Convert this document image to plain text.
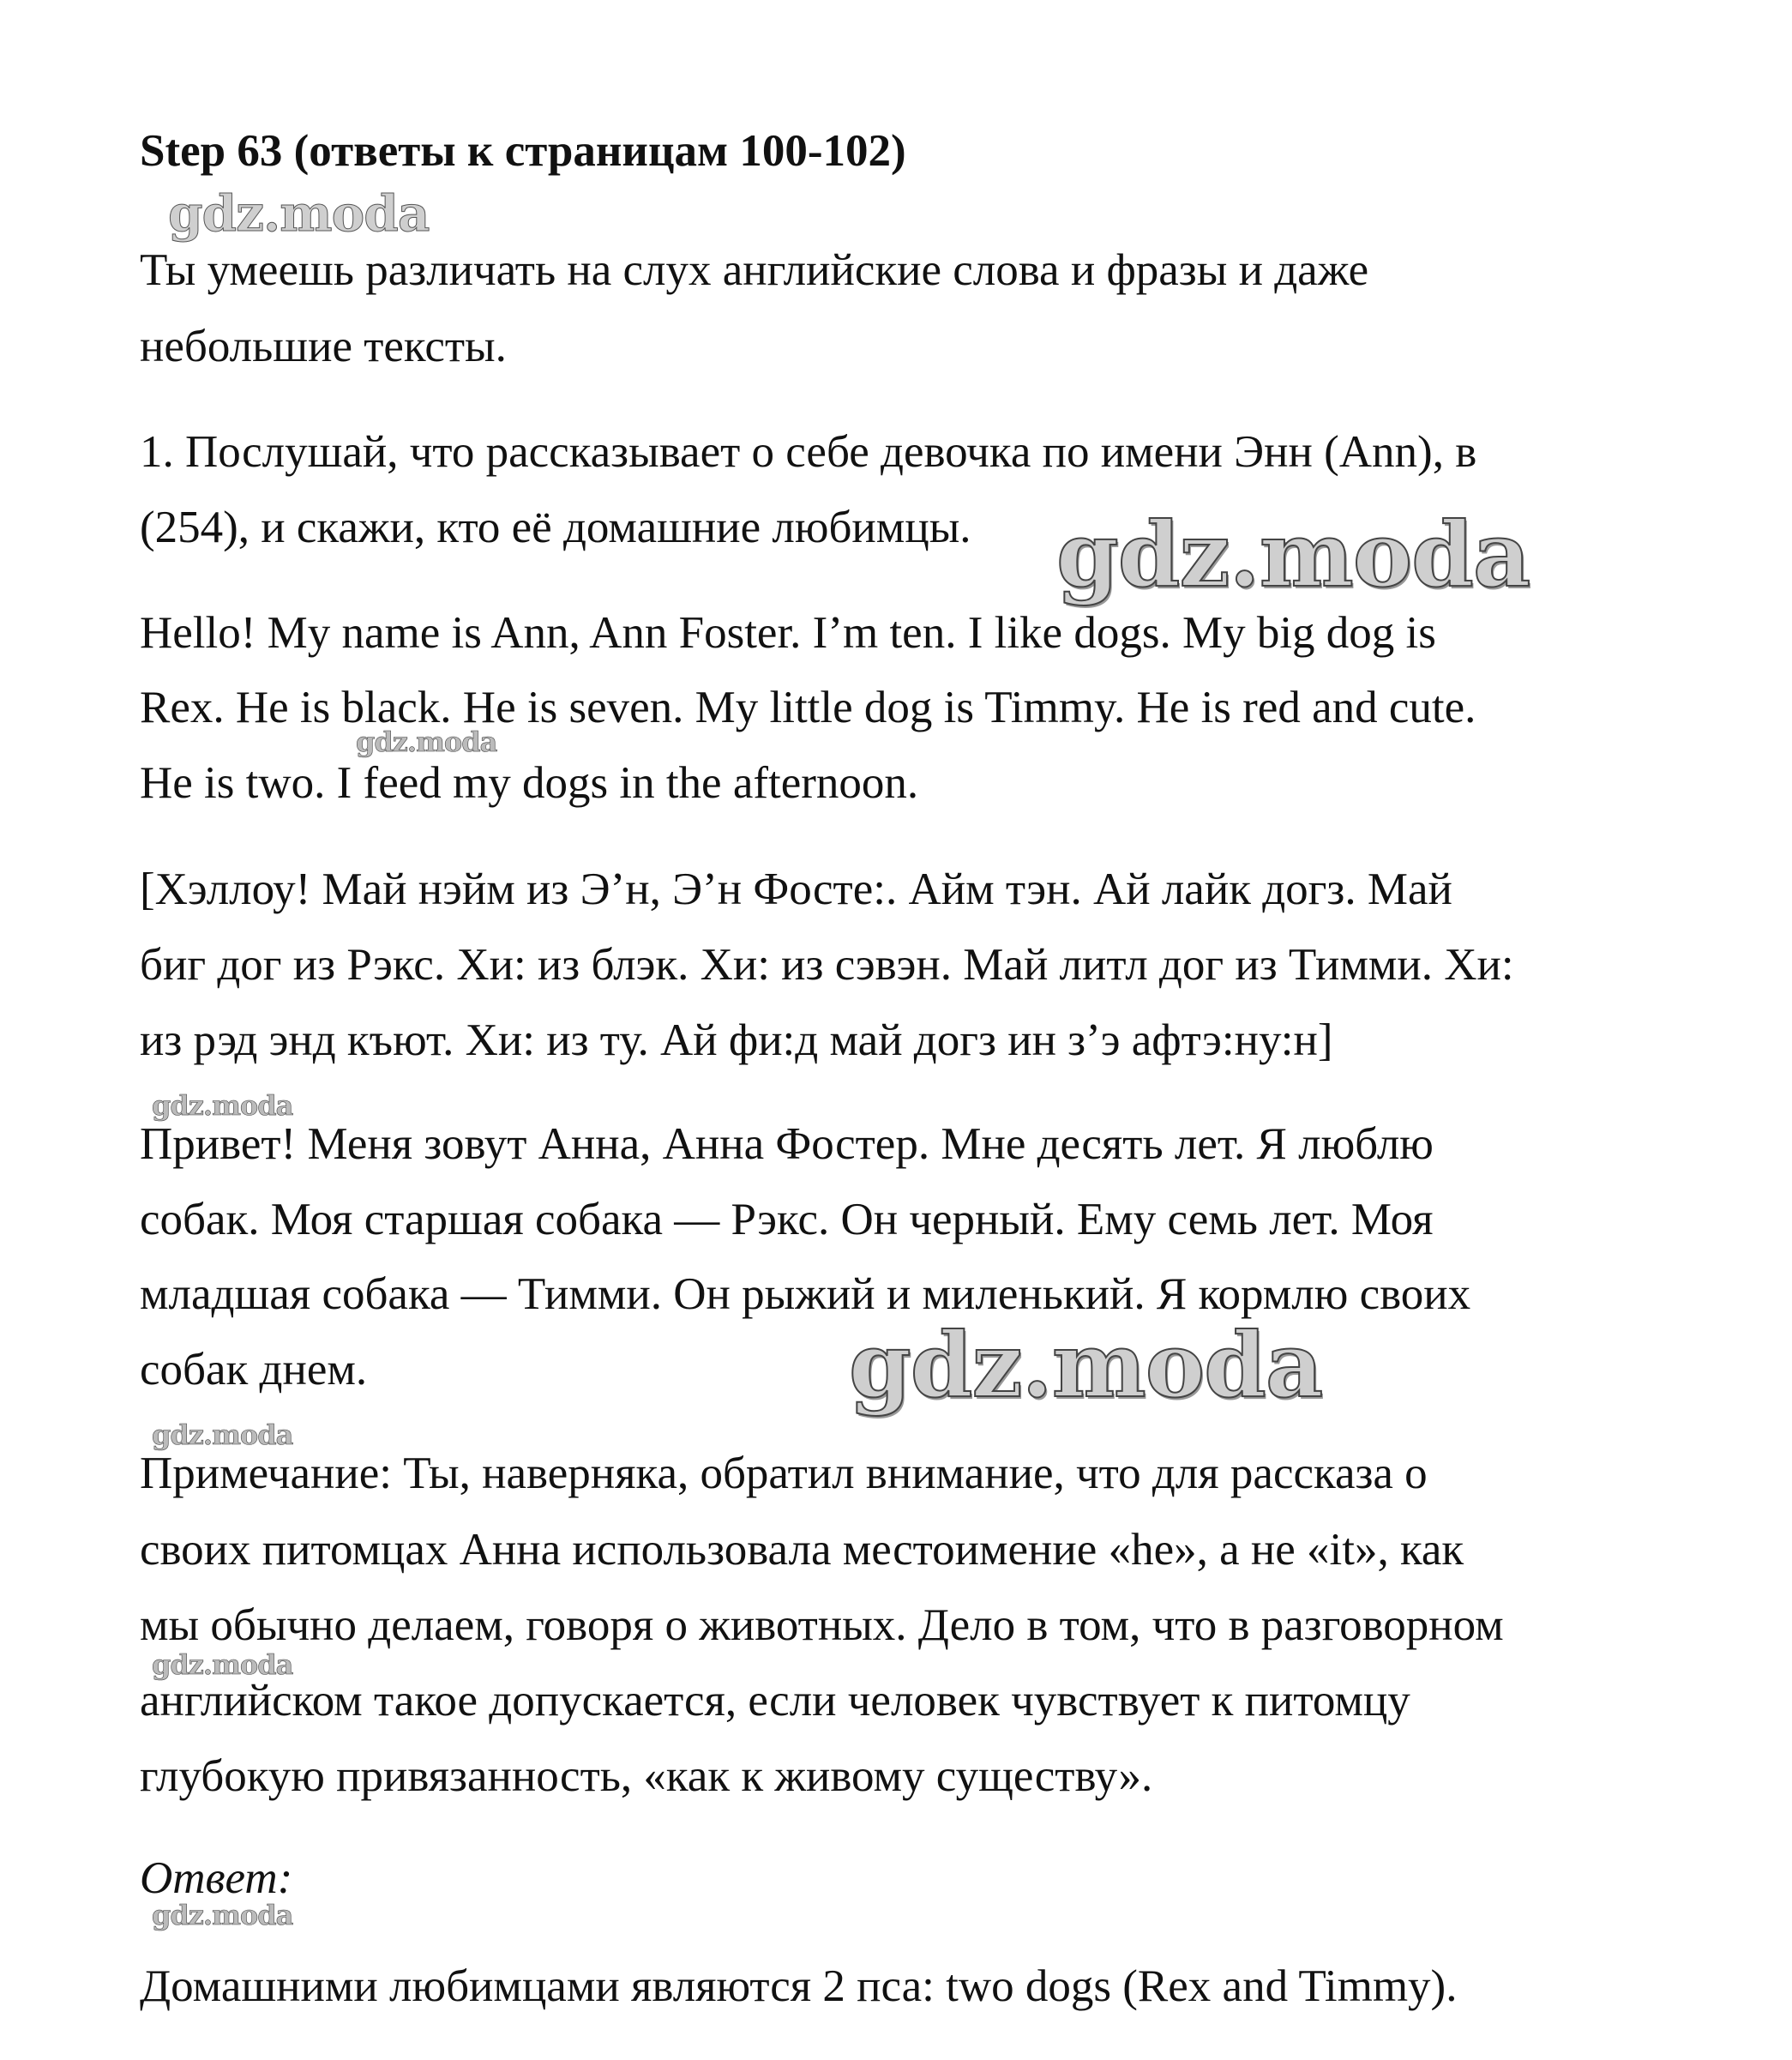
Step 63 (ответы к страницам 100-102)
gdz.moda
Ты умеешь различать на слух английские слова и фразы и даже
небольшие тексты.
1. Послушай, что рассказывает о себе девочка по имени Энн (Ann), в
(254), и скажи, кто её домашние любимцы. gdz.moda
Hello! My name is Ann, Ann Foster. I’m ten. I like dogs. My big dog is
Rex. He is black. He is seven. My little dog is Timmy. He is red and cute.
gdz.moda
He is two. I feed my dogs in the afternoon.
[Хэллоу! Май нэйм из Э’н, Э’н Фосте:. Айм тэн. Ай лайк догз. Май
биг дог из Рэкс. Хи: из блэк. Хи: из сэвэн. Май литл дог из Тимми. Хи:
из рэд энд къют. Хи: из ту. Ай фи:д май догз ин з’э афтэ:ну:н]
gdz.moda
Привет! Меня зовут Анна, Анна Фостер. Мне десять лет. Я люблю
собак. Моя старшая собака — Рэкс. Он черный. Ему семь лет. Моя
младшая собака — Тимми. Он рыжий и миленький. Я кормлю своих
собак днем.	gdz.moda
gdz.moda
Примечание: Ты, наверняка, обратил внимание, что для рассказа о
своих питомцах Анна использовала местоимение «he», а не «it», как
мы обычно делаем, говоря о животных. Дело в том, что в разговорном
gdz.moda
английском такое допускается, если человек чувствует к питомцу
глубокую привязанность, «как к живому существу».
Ответ:
gdz.moda
Домашними любимцами являются 2 пса: two dogs (Rex and Timmy).
